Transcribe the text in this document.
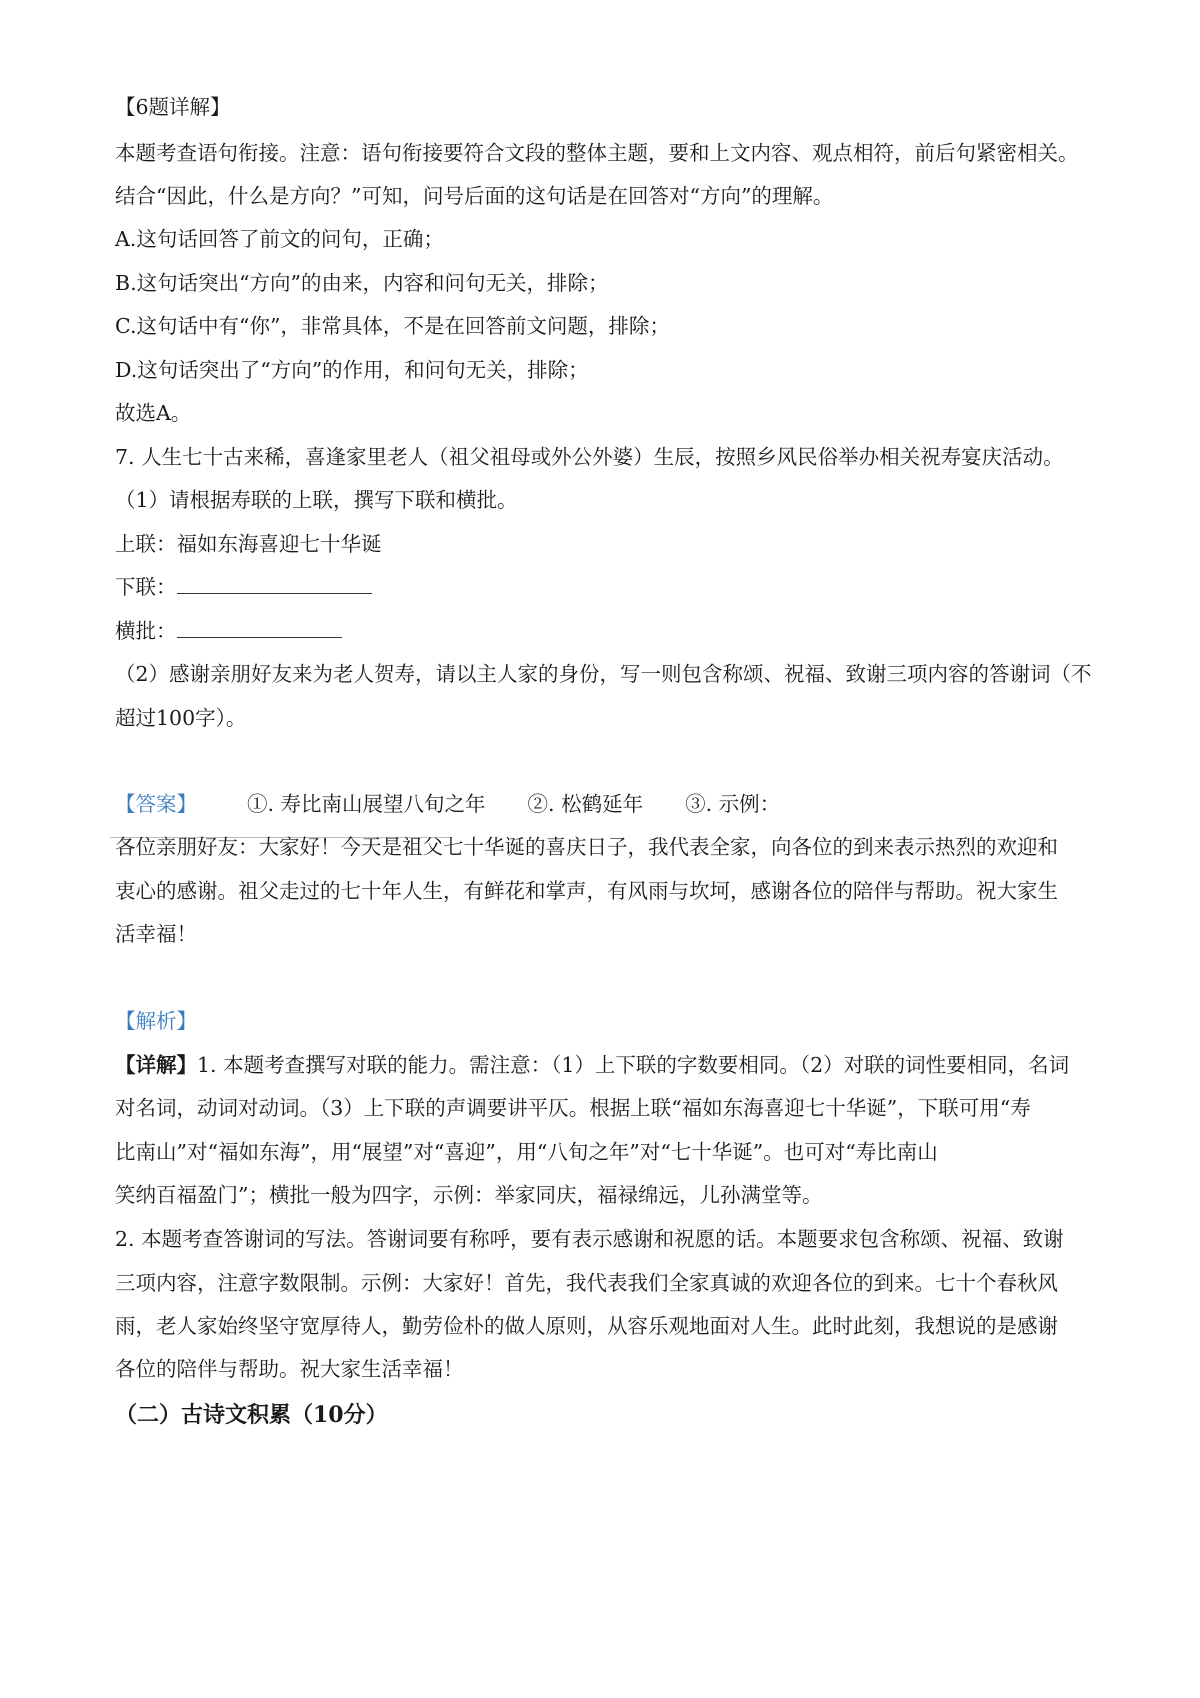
【6题详解】
本题考查语句衔接。注意：语句衔接要符合文段的整体主题，要和上文内容、观点相符，前后句紧密相关。
结合“因此，什么是方向？”可知，问号后面的这句话是在回答对“方向”的理解。
A.这句话回答了前文的问句，正确；
B.这句话突出“方向”的由来，内容和问句无关，排除；
C.这句话中有“你”，非常具体，不是在回答前文问题，排除；
D.这句话突出了“方向”的作用，和问句无关，排除；
故选A。
7. 人生七十古来稀，喜逢家里老人（祖父祖母或外公外婆）生辰，按照乡风民俗举办相关祝寿宴庆活动。
（1）请根据寿联的上联，撰写下联和横批。
上联：福如东海喜迎七十华诞
下联：
横批：
（2）感谢亲朋好友来为老人贺寿，请以主人家的身份，写一则包含称颂、祝福、致谢三项内容的答谢词（不
超过100字）。
【答案】 ①. 寿比南山展望八旬之年 ②. 松鹤延年 ③. 示例：
各位亲朋好友：大家好！今天是祖父七十华诞的喜庆日子，我代表全家，向各位的到来表示热烈的欢迎和
衷心的感谢。祖父走过的七十年人生，有鲜花和掌声，有风雨与坎坷，感谢各位的陪伴与帮助。祝大家生
活幸福！
【解析】
【详解】1. 本题考查撰写对联的能力。需注意：（1）上下联的字数要相同。（2）对联的词性要相同，名词
对名词，动词对动词。（3）上下联的声调要讲平仄。根据上联“福如东海喜迎七十华诞”，下联可用“寿
比南山”对“福如东海”，用“展望”对“喜迎”，用“八旬之年”对“七十华诞”。也可对“寿比南山
笑纳百福盈门”；横批一般为四字，示例：举家同庆，福禄绵远，儿孙满堂等。
2. 本题考查答谢词的写法。答谢词要有称呼，要有表示感谢和祝愿的话。本题要求包含称颂、祝福、致谢
三项内容，注意字数限制。示例：大家好！首先，我代表我们全家真诚的欢迎各位的到来。七十个春秋风
雨，老人家始终坚守宽厚待人，勤劳俭朴的做人原则，从容乐观地面对人生。此时此刻，我想说的是感谢
各位的陪伴与帮助。祝大家生活幸福！
（二）古诗文积累（10分）
